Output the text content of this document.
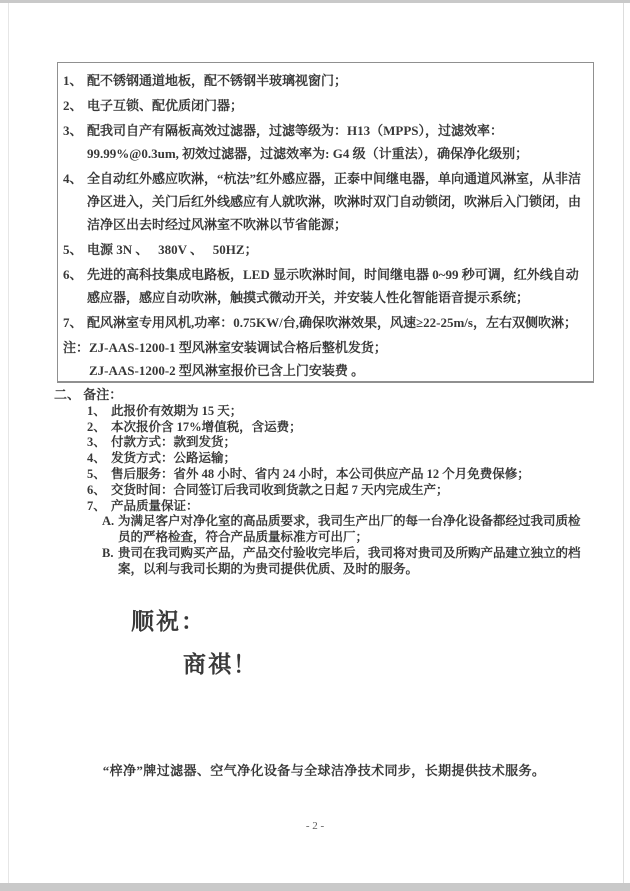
1、 配不锈钢通道地板，配不锈钢半玻璃视窗门；
2、 电子互锁、配优质闭门器；
3、 配我司自产有隔板高效过滤器，过滤等级为：H13（MPPS），过滤效率：99.99%@0.3um, 初效过滤器，过滤效率为: G4 级（计重法），确保净化级别；
4、 全自动红外感应吹淋，“杭法”红外感应器，正泰中间继电器，单向通道风淋室，从非洁净区进入，关门后红外线感应有人就吹淋，吹淋时双门自动锁闭，吹淋后入门锁闭，由洁净区出去时经过风淋室不吹淋以节省能源；
5、 电源 3N 、　 380V 、　 50HZ；
6、 先进的高科技集成电路板，LED 显示吹淋时间，时间继电器 0~99 秒可调，红外线自动感应器，感应自动吹淋，触摸式微动开关，并安装人性化智能语音提示系统；
7、 配风淋室专用风机,功率：0.75KW/台,确保吹淋效果，风速≥22-25m/s，左右双侧吹淋；
注： ZJ-AAS-1200-1 型风淋室安装调试合格后整机发货；
ZJ-AAS-1200-2 型风淋室报价已含上门安装费 。
二、 备注：
1、 此报价有效期为 15 天；
2、 本次报价含 17%增值税，含运费；
3、 付款方式：款到发货；
4、 发货方式：公路运输；
5、 售后服务：省外 48 小时、省内 24 小时，本公司供应产品 12 个月免费保修；
6、 交货时间：合同签订后我司收到货款之日起 7 天内完成生产；
7、 产品质量保证：
A. 为满足客户对净化室的高品质要求，我司生产出厂的每一台净化设备都经过我司质检员的严格检查，符合产品质量标准方可出厂；
B. 贵司在我司购买产品，产品交付验收完毕后，我司将对贵司及所购产品建立独立的档案，以利与我司长期的为贵司提供优质、及时的服务。
顺祝：
商祺！
“梓净”牌过滤器、空气净化设备与全球洁净技术同步，长期提供技术服务。
- 2 -
